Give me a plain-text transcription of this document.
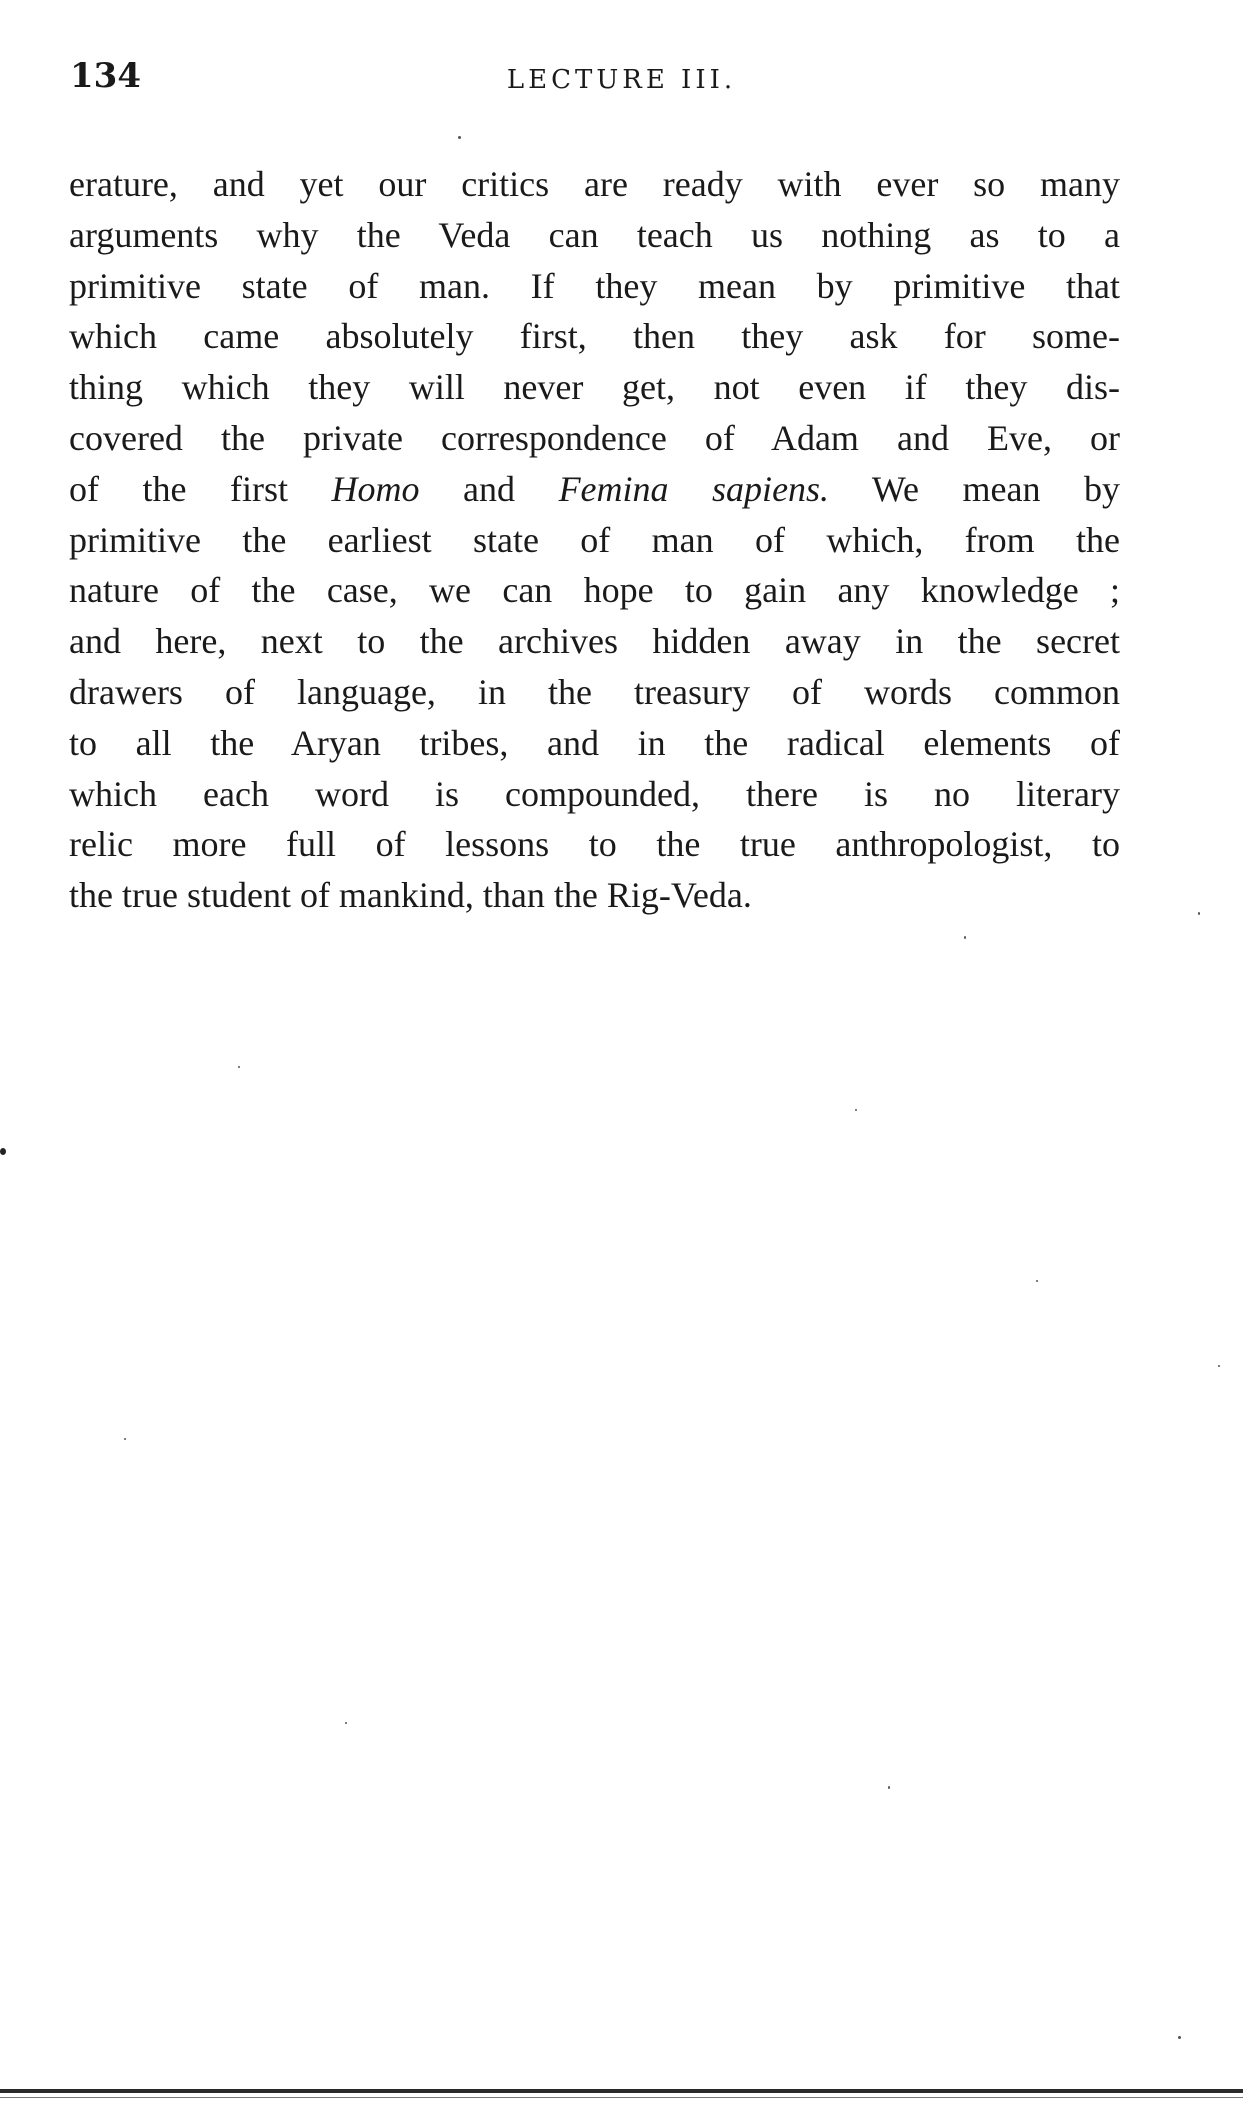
134	LECTURE III.
erature, and yet our critics are ready with ever so many
arguments why the Veda can teach us nothing as to a
primitive state of man. If they mean by primitive that
which came absolutely first, then they ask for some-
thing which they will never get, not even if they dis-
covered the private correspondence of Adam and Eve, or
of the first Homo and Femina sapiens. We mean by
primitive the earliest state of man of which, from the
nature of the case, we can hope to gain any knowledge ;
and here, next to the archives hidden away in the secret
drawers of language, in the treasury of words common
to all the Aryan tribes, and in the radical elements of
which each word is compounded, there is no literary
relic more full of lessons to the true anthropologist, to
the true student of mankind, than the Rig-Veda.
